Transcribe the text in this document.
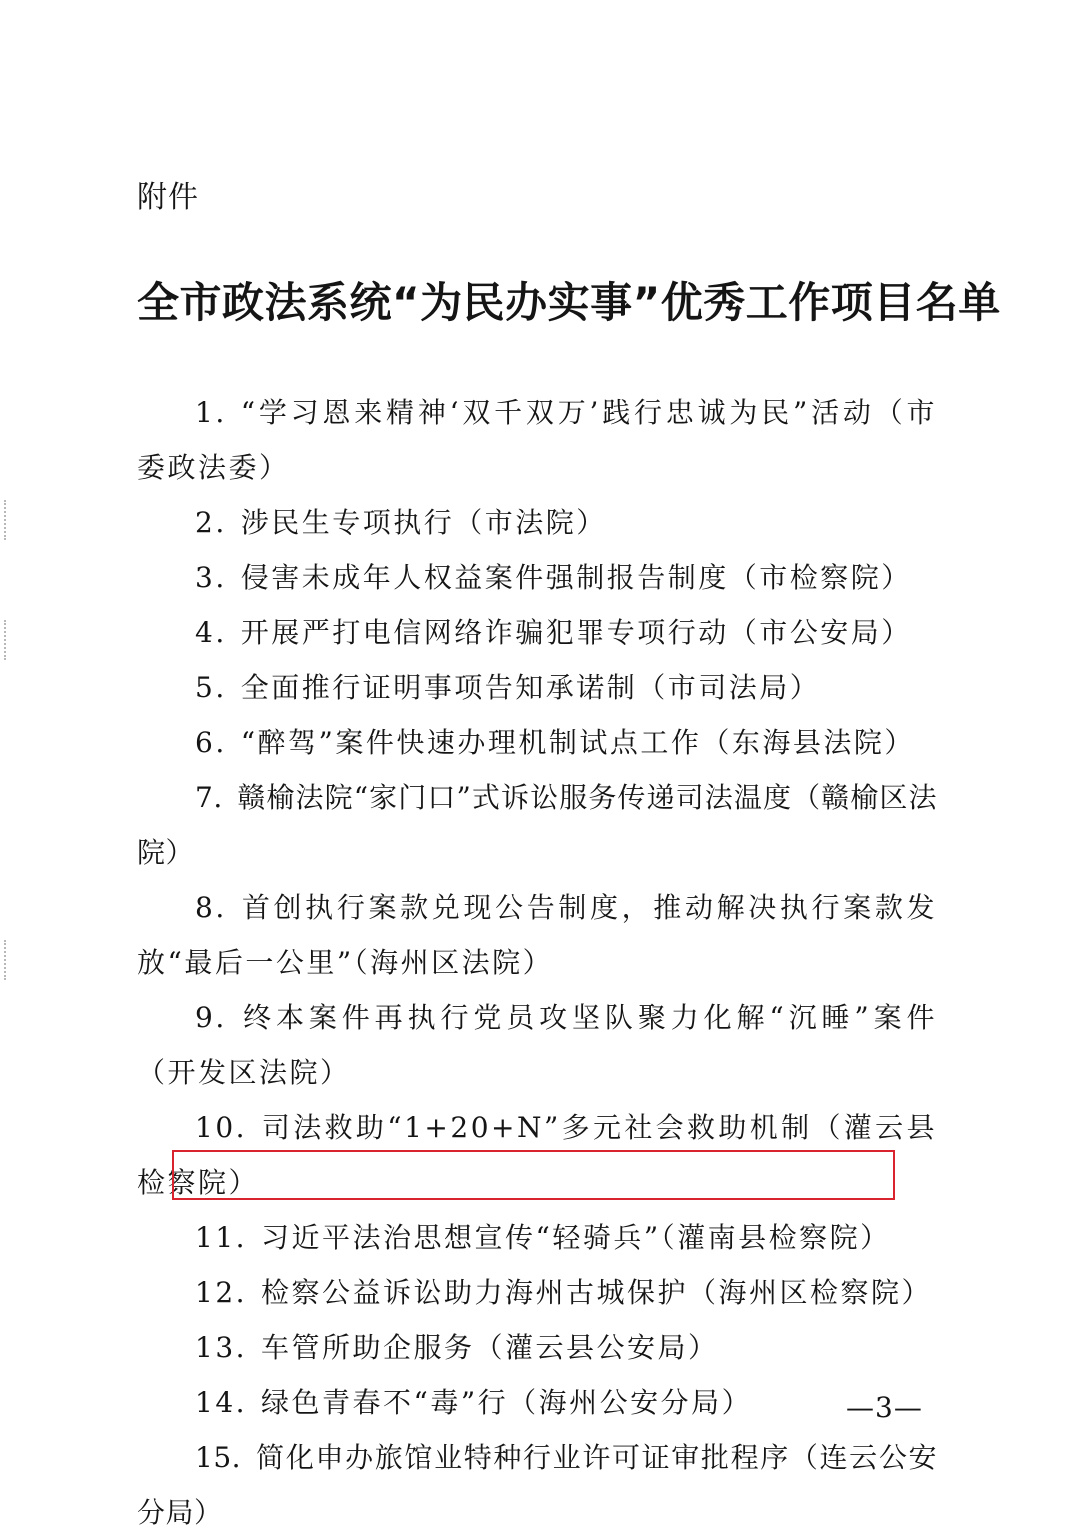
附件
全市政法系统“为民办实事”优秀工作项目名单
1. “学习恩来精神‘双千双万’践行忠诚为民”活动（市委政法委）
2. 涉民生专项执行（市法院）
3. 侵害未成年人权益案件强制报告制度（市检察院）
4. 开展严打电信网络诈骗犯罪专项行动（市公安局）
5. 全面推行证明事项告知承诺制（市司法局）
6. “醉驾”案件快速办理机制试点工作（东海县法院）
7. 赣榆法院“家门口”式诉讼服务传递司法温度（赣榆区法院）
8. 首创执行案款兑现公告制度，推动解决执行案款发放“最后一公里”（海州区法院）
9. 终本案件再执行党员攻坚队聚力化解“沉睡”案件（开发区法院）
10. 司法救助“1+20+N”多元社会救助机制（灌云县检察院）
11. 习近平法治思想宣传“轻骑兵”（灌南县检察院）
12. 检察公益诉讼助力海州古城保护（海州区检察院）
13. 车管所助企服务（灌云县公安局）
14. 绿色青春不“毒”行（海州公安分局）
15. 简化申办旅馆业特种行业许可证审批程序（连云公安分局）
—3—
